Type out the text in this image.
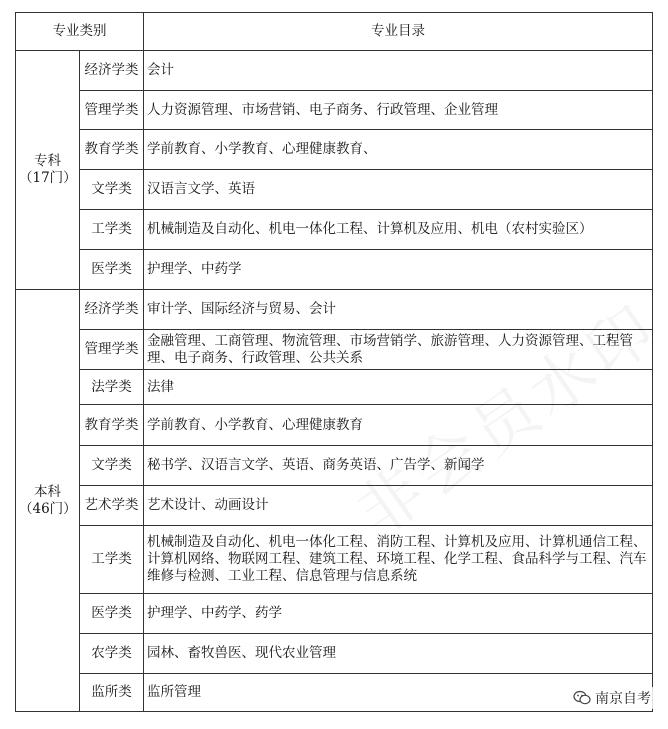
专业类别		专业目录

专科
（17门）	经济学类	会计
	管理学类	人力资源管理、市场营销、电子商务、行政管理、企业管理
	教育学类	学前教育、小学教育、心理健康教育、
	文学类	汉语言文学、英语
	工学类	机械制造及自动化、机电一体化工程、计算机及应用、机电（农村实验区）
	医学类	护理学、中药学

本科
（46门）	经济学类	审计学、国际经济与贸易、会计
	管理学类	金融管理、工商管理、物流管理、市场营销学、旅游管理、人力资源管理、工程管理、电子商务、行政管理、公共关系
	法学类	法律
	教育学类	学前教育、小学教育、心理健康教育
	文学类	秘书学、汉语言文学、英语、商务英语、广告学、新闻学
	艺术学类	艺术设计、动画设计
	工学类	机械制造及自动化、机电一体化工程、消防工程、计算机及应用、计算机通信工程、计算机网络、物联网工程、建筑工程、环境工程、化学工程、食品科学与工程、汽车维修与检测、工业工程、信息管理与信息系统
	医学类	护理学、中药学、药学
	农学类	园林、畜牧兽医、现代农业管理
	监所类	监所管理	南京自考
